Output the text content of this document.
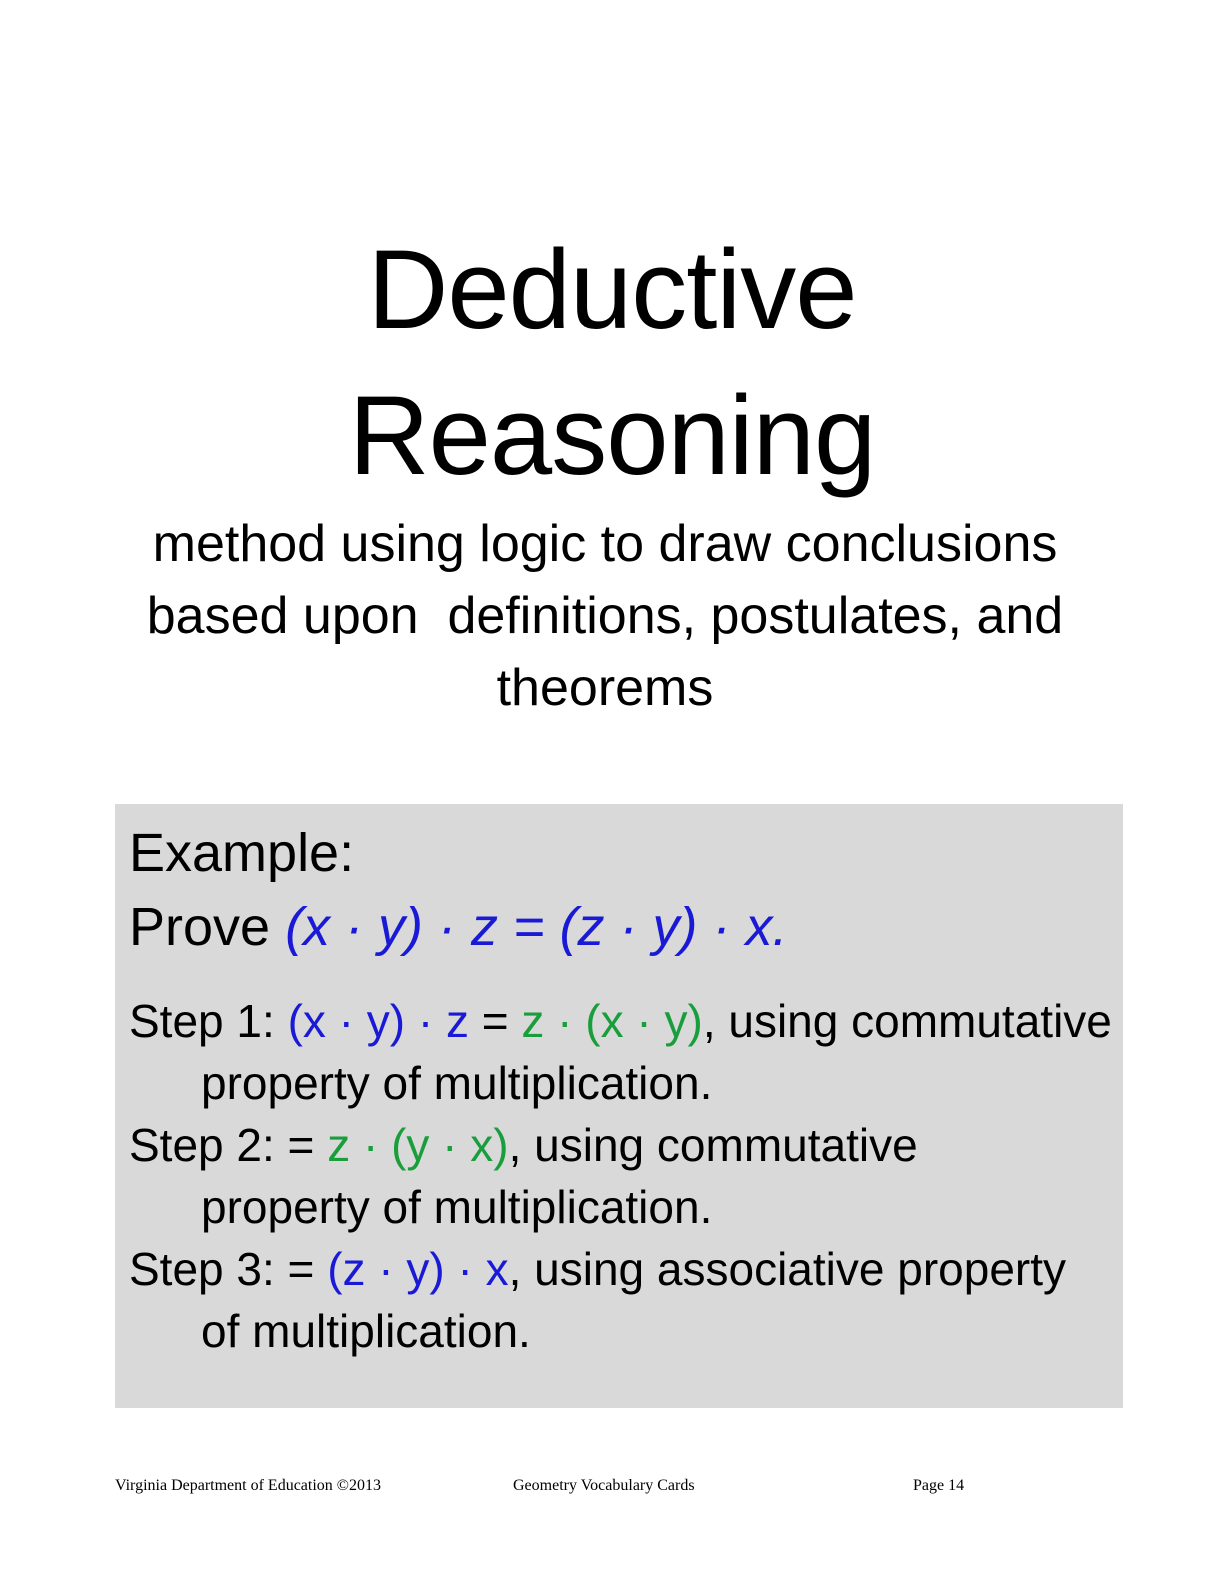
Deductive
Reasoning
method using logic to draw conclusions
based upon  definitions, postulates, and
theorems
Example:
Prove (x · y) · z = (z · y) · x.
Step 1: (x · y) · z = z · (x · y), using commutative
property of multiplication.
Step 2: = z · (y · x), using commutative
property of multiplication.
Step 3: = (z · y) · x, using associative property
of multiplication.
Virginia Department of Education ©2013	Geometry Vocabulary Cards	Page 14
